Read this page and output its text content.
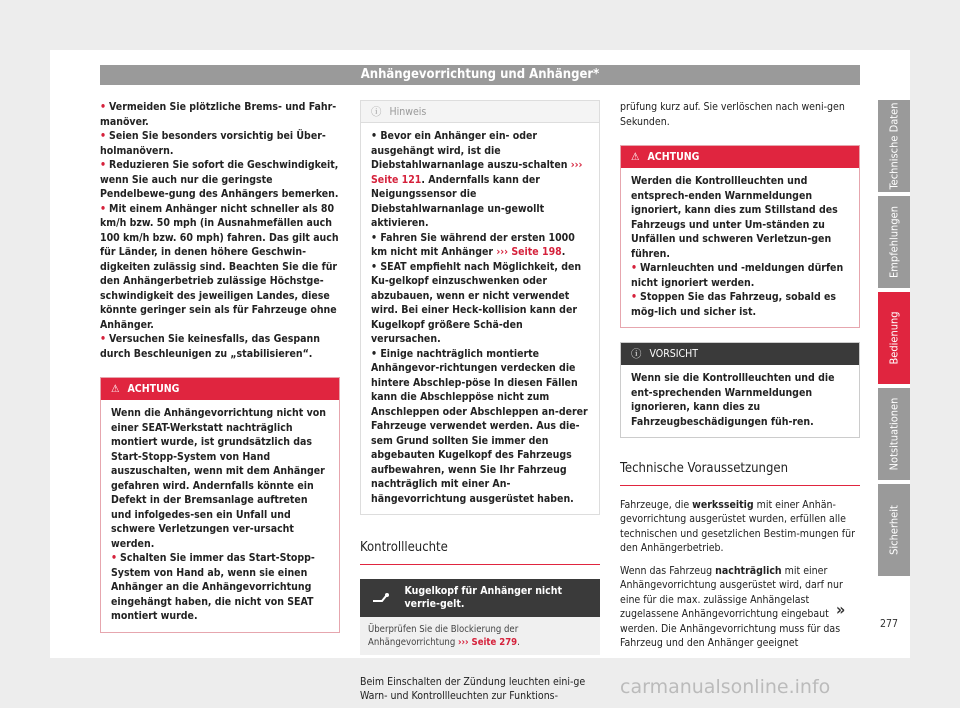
Anhängevorrichtung und Anhänger*

• Vermeiden Sie plötzliche Brems- und Fahr-manöver.

• Seien Sie besonders vorsichtig bei Über-holmanövern.

• Reduzieren Sie sofort die Geschwindigkeit, wenn Sie auch nur die geringste Pendelbewe-gung des Anhängers bemerken.

• Mit einem Anhänger nicht schneller als 80 km/h bzw. 50 mph (in Ausnahmefällen auch 100 km/h bzw. 60 mph) fahren. Das gilt auch für Länder, in denen höhere Geschwin-digkeiten zulässig sind. Beachten Sie die für den Anhängerbetrieb zulässige Höchstge-schwindigkeit des jeweiligen Landes, diese könnte geringer sein als für Fahrzeuge ohne Anhänger.

• Versuchen Sie keinesfalls, das Gespann durch Beschleunigen zu „stabilisieren“.

⚠ ACHTUNG

Wenn die Anhängevorrichtung nicht von einer SEAT-Werkstatt nachträglich montiert wurde, ist grundsätzlich das Start-Stopp-System von Hand auszuschalten, wenn mit dem Anhänger gefahren wird. Andernfalls könnte ein Defekt in der Bremsanlage auftreten und infolgedes-sen ein Unfall und schwere Verletzungen ver-ursacht werden.

• Schalten Sie immer das Start-Stopp-System von Hand ab, wenn sie einen Anhänger an die Anhängevorrichtung eingehängt haben, die nicht von SEAT montiert wurde.

ⓘ Hinweis

• Bevor ein Anhänger ein- oder ausgehängt wird, ist die Diebstahlwarnanlage auszu-schalten ››› Seite 121. Andernfalls kann der Neigungssensor die Diebstahlwarnanlage un-gewollt aktivieren.

• Fahren Sie während der ersten 1000 km nicht mit Anhänger ››› Seite 198.

• SEAT empfiehlt nach Möglichkeit, den Ku-gelkopf einzuschwenken oder abzubauen, wenn er nicht verwendet wird. Bei einer Heck-kollision kann der Kugelkopf größere Schä-den verursachen.

• Einige nachträglich montierte Anhängevor-richtungen verdecken die hintere Abschlep-pöse In diesen Fällen kann die Abschleppöse nicht zum Anschleppen oder Abschleppen an-derer Fahrzeuge verwendet werden. Aus die-sem Grund sollten Sie immer den abgebauten Kugelkopf des Fahrzeugs aufbewahren, wenn Sie Ihr Fahrzeug nachträglich mit einer An-hängevorrichtung ausgerüstet haben.

Kontrollleuchte
Kugelkopf für Anhänger nicht verrie-gelt.
Überprüfen Sie die Blockierung der Anhängevorrichtung ››› Seite 279.

Beim Einschalten der Zündung leuchten eini-ge Warn- und Kontrollleuchten zur Funktions-

prüfung kurz auf. Sie verlöschen nach weni-gen Sekunden.

⚠ ACHTUNG

Werden die Kontrollleuchten und entsprech-enden Warnmeldungen ignoriert, kann dies zum Stillstand des Fahrzeugs und unter Um-ständen zu Unfällen und schweren Verletzun-gen führen.

• Warnleuchten und -meldungen dürfen nicht ignoriert werden.

• Stoppen Sie das Fahrzeug, sobald es mög-lich und sicher ist.

ⓘ VORSICHT
Wenn sie die Kontrollleuchten und die ent-sprechenden Warnmeldungen ignorieren, kann dies zu Fahrzeugbeschädigungen füh-ren.
Technische Voraussetzungen

Fahrzeuge, die werksseitig mit einer Anhän-gevorrichtung ausgerüstet wurden, erfüllen alle technischen und gesetzlichen Bestim-mungen für den Anhängerbetrieb.

Wenn das Fahrzeug nachträglich mit einer Anhängevorrichtung ausgerüstet wird, darf nur eine für die max. zulässige Anhängelast zugelassene Anhängevorrichtung eingebaut werden. Die Anhängevorrichtung muss für das Fahrzeug und den Anhänger geeignet

»
Technische Daten
Empfehlungen
Bedienung
Notsituationen
Sicherheit
277
carmanualsonline.info
